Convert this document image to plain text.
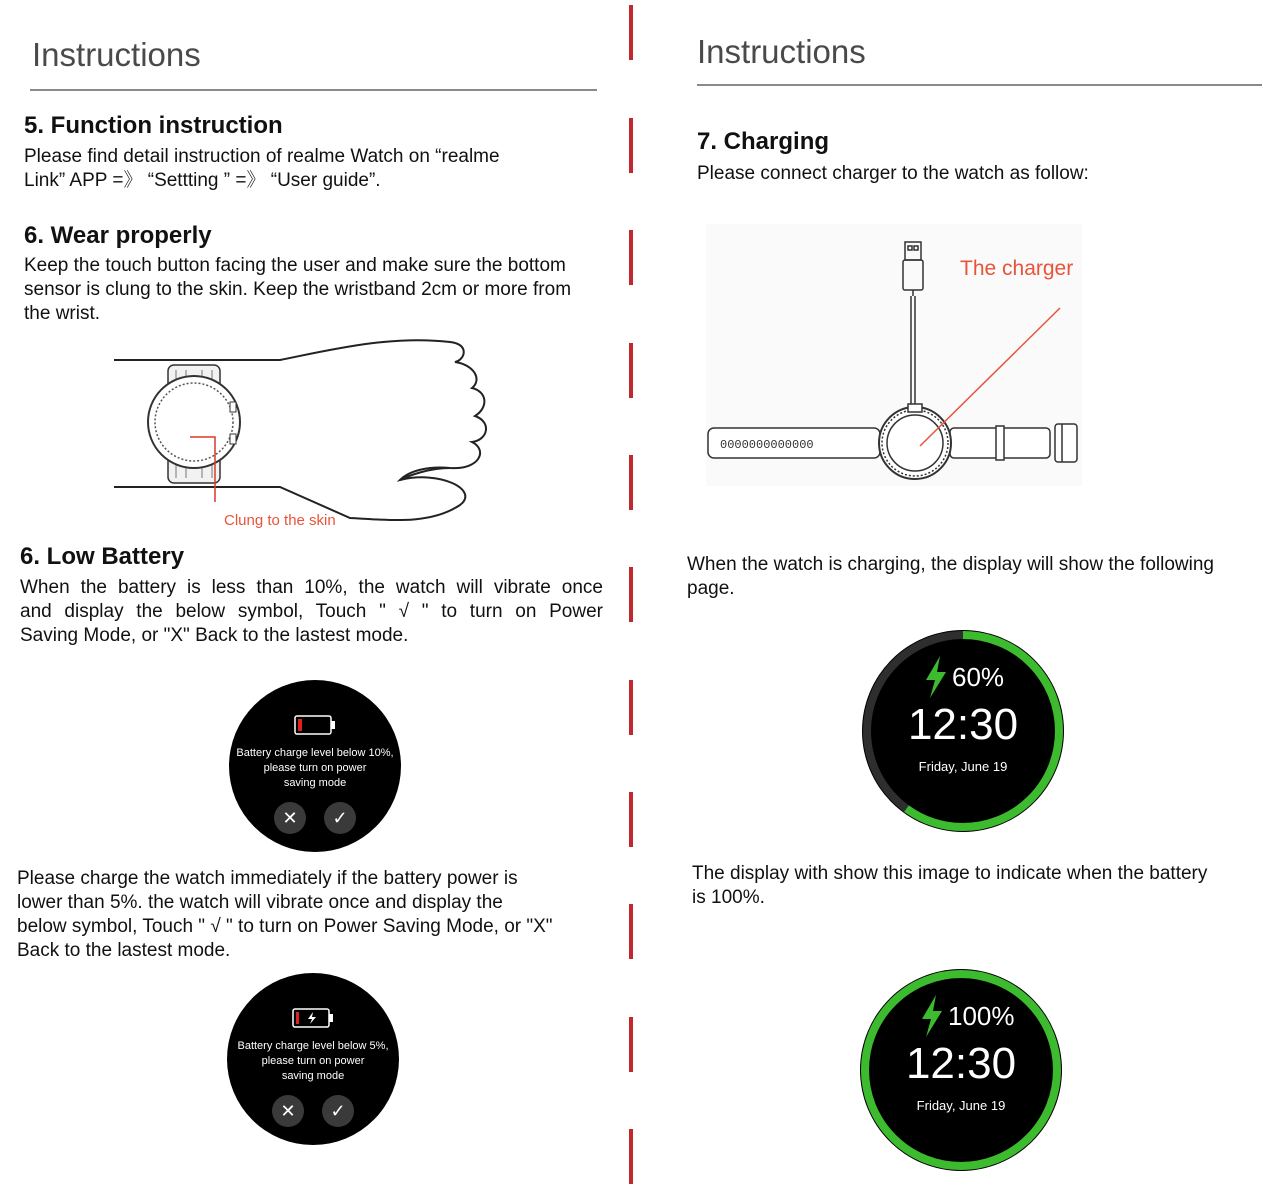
Instructions
5. Function instruction
Please find detail instruction of realme Watch on “realme
Link” APP =》 “Settting ” =》 “User guide”.
6. Wear properly
Keep the touch button facing the user and make sure the bottom
sensor is clung to the skin. Keep the wristband 2cm or more from
the wrist.
Clung to the skin
6. Low Battery
When the battery is less than 10%, the watch will vibrate once
and display the below symbol, Touch " √ " to turn on Power
Saving Mode, or "X" Back to the lastest mode.
Battery charge level below 10%,
please turn on power
saving mode
✕	✓
Please charge the watch immediately if the battery power is
lower than 5%. the watch will vibrate once and display the
below symbol, Touch " √ " to turn on Power Saving Mode, or "X"
Back to the lastest mode.
Battery charge level below 5%,
please turn on power
saving mode
✕	✓
Instructions
7. Charging
Please connect charger to the watch as follow:
0000000000000
The charger
When the watch is charging, the display will show the following
page.
60%
12:30
Friday, June 19
The display with show this image to indicate when the battery
is 100%.
100%
12:30
Friday, June 19
